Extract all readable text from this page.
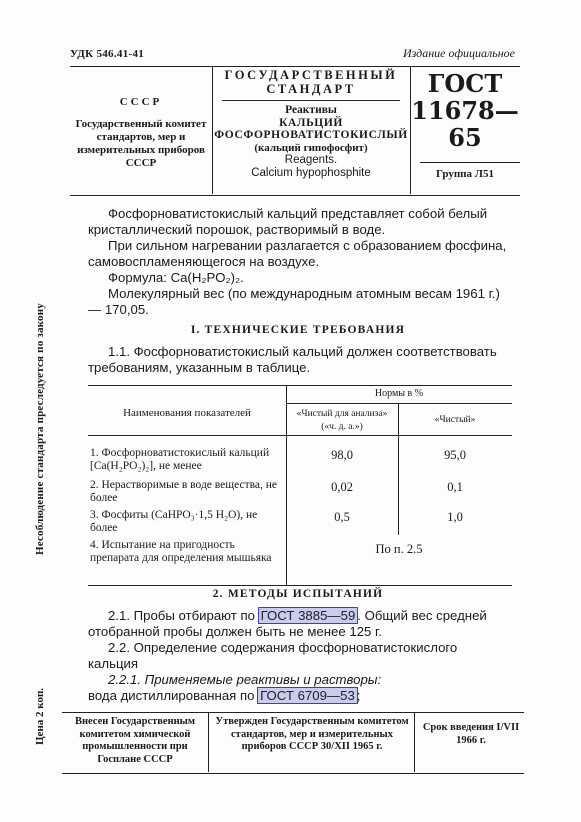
УДК 546.41-41	Издание официальное
СССР
Государственный комитет стандартов, мер и измерительных приборов СССР
ГОСУДАРСТВЕННЫЙ
СТАНДАРТ
Реактивы
КАЛЬЦИЙ
ФОСФОРНОВАТИСТОКИСЛЫЙ
(кальций гипофосфит)
Reagents.
Calcium hypophosphite
ГОСТ
11678—65
Группа Л51
Несоблюдение стандарта преследуется по закону
Цена 2 коп.
Фосфорноватистокислый кальций представляет собой белый кристаллический порошок, растворимый в воде.
При сильном нагревании разлагается с образованием фосфина, самовоспламеняющегося на воздухе.
Формула: Ca(H₂PO₂)₂.
Молекулярный вес (по международным атомным весам 1961 г.) — 170,05.
I. ТЕХНИЧЕСКИЕ ТРЕБОВАНИЯ
1.1. Фосфорноватистокислый кальций должен соответствовать требованиям, указанным в таблице.
Наименования показателей
Нормы в %
«Чистый для анализа» («ч. д. а.»)
«Чистый»
1. Фосфорноватистокислый кальций [Ca(H₂PO₂)₂], не менее
98,0	95,0
2. Нерастворимые в воде вещества, не более
0,02	0,1
3. Фосфиты (CaHPO₃·1,5 H₂O), не более
0,5	1,0
4. Испытание на пригодность препарата для определения мышьяка
По п. 2.5
2. МЕТОДЫ ИСПЫТАНИЙ
2.1. Пробы отбирают по ГОСТ 3885—59 . Общий вес средней отобранной пробы должен быть не менее 125 г.
2.2. Определение содержания фосфорноватистокислого кальция
2.2.1. Применяемые реактивы и растворы:
вода дистиллированная по ГОСТ 6709—53 ;
Внесен Государственным комитетом химической промышленности при Госплане СССР
Утвержден Государственным комитетом стандартов, мер и измерительных приборов СССР 30/XII 1965 г.
Срок введения I/VII 1966 г.
